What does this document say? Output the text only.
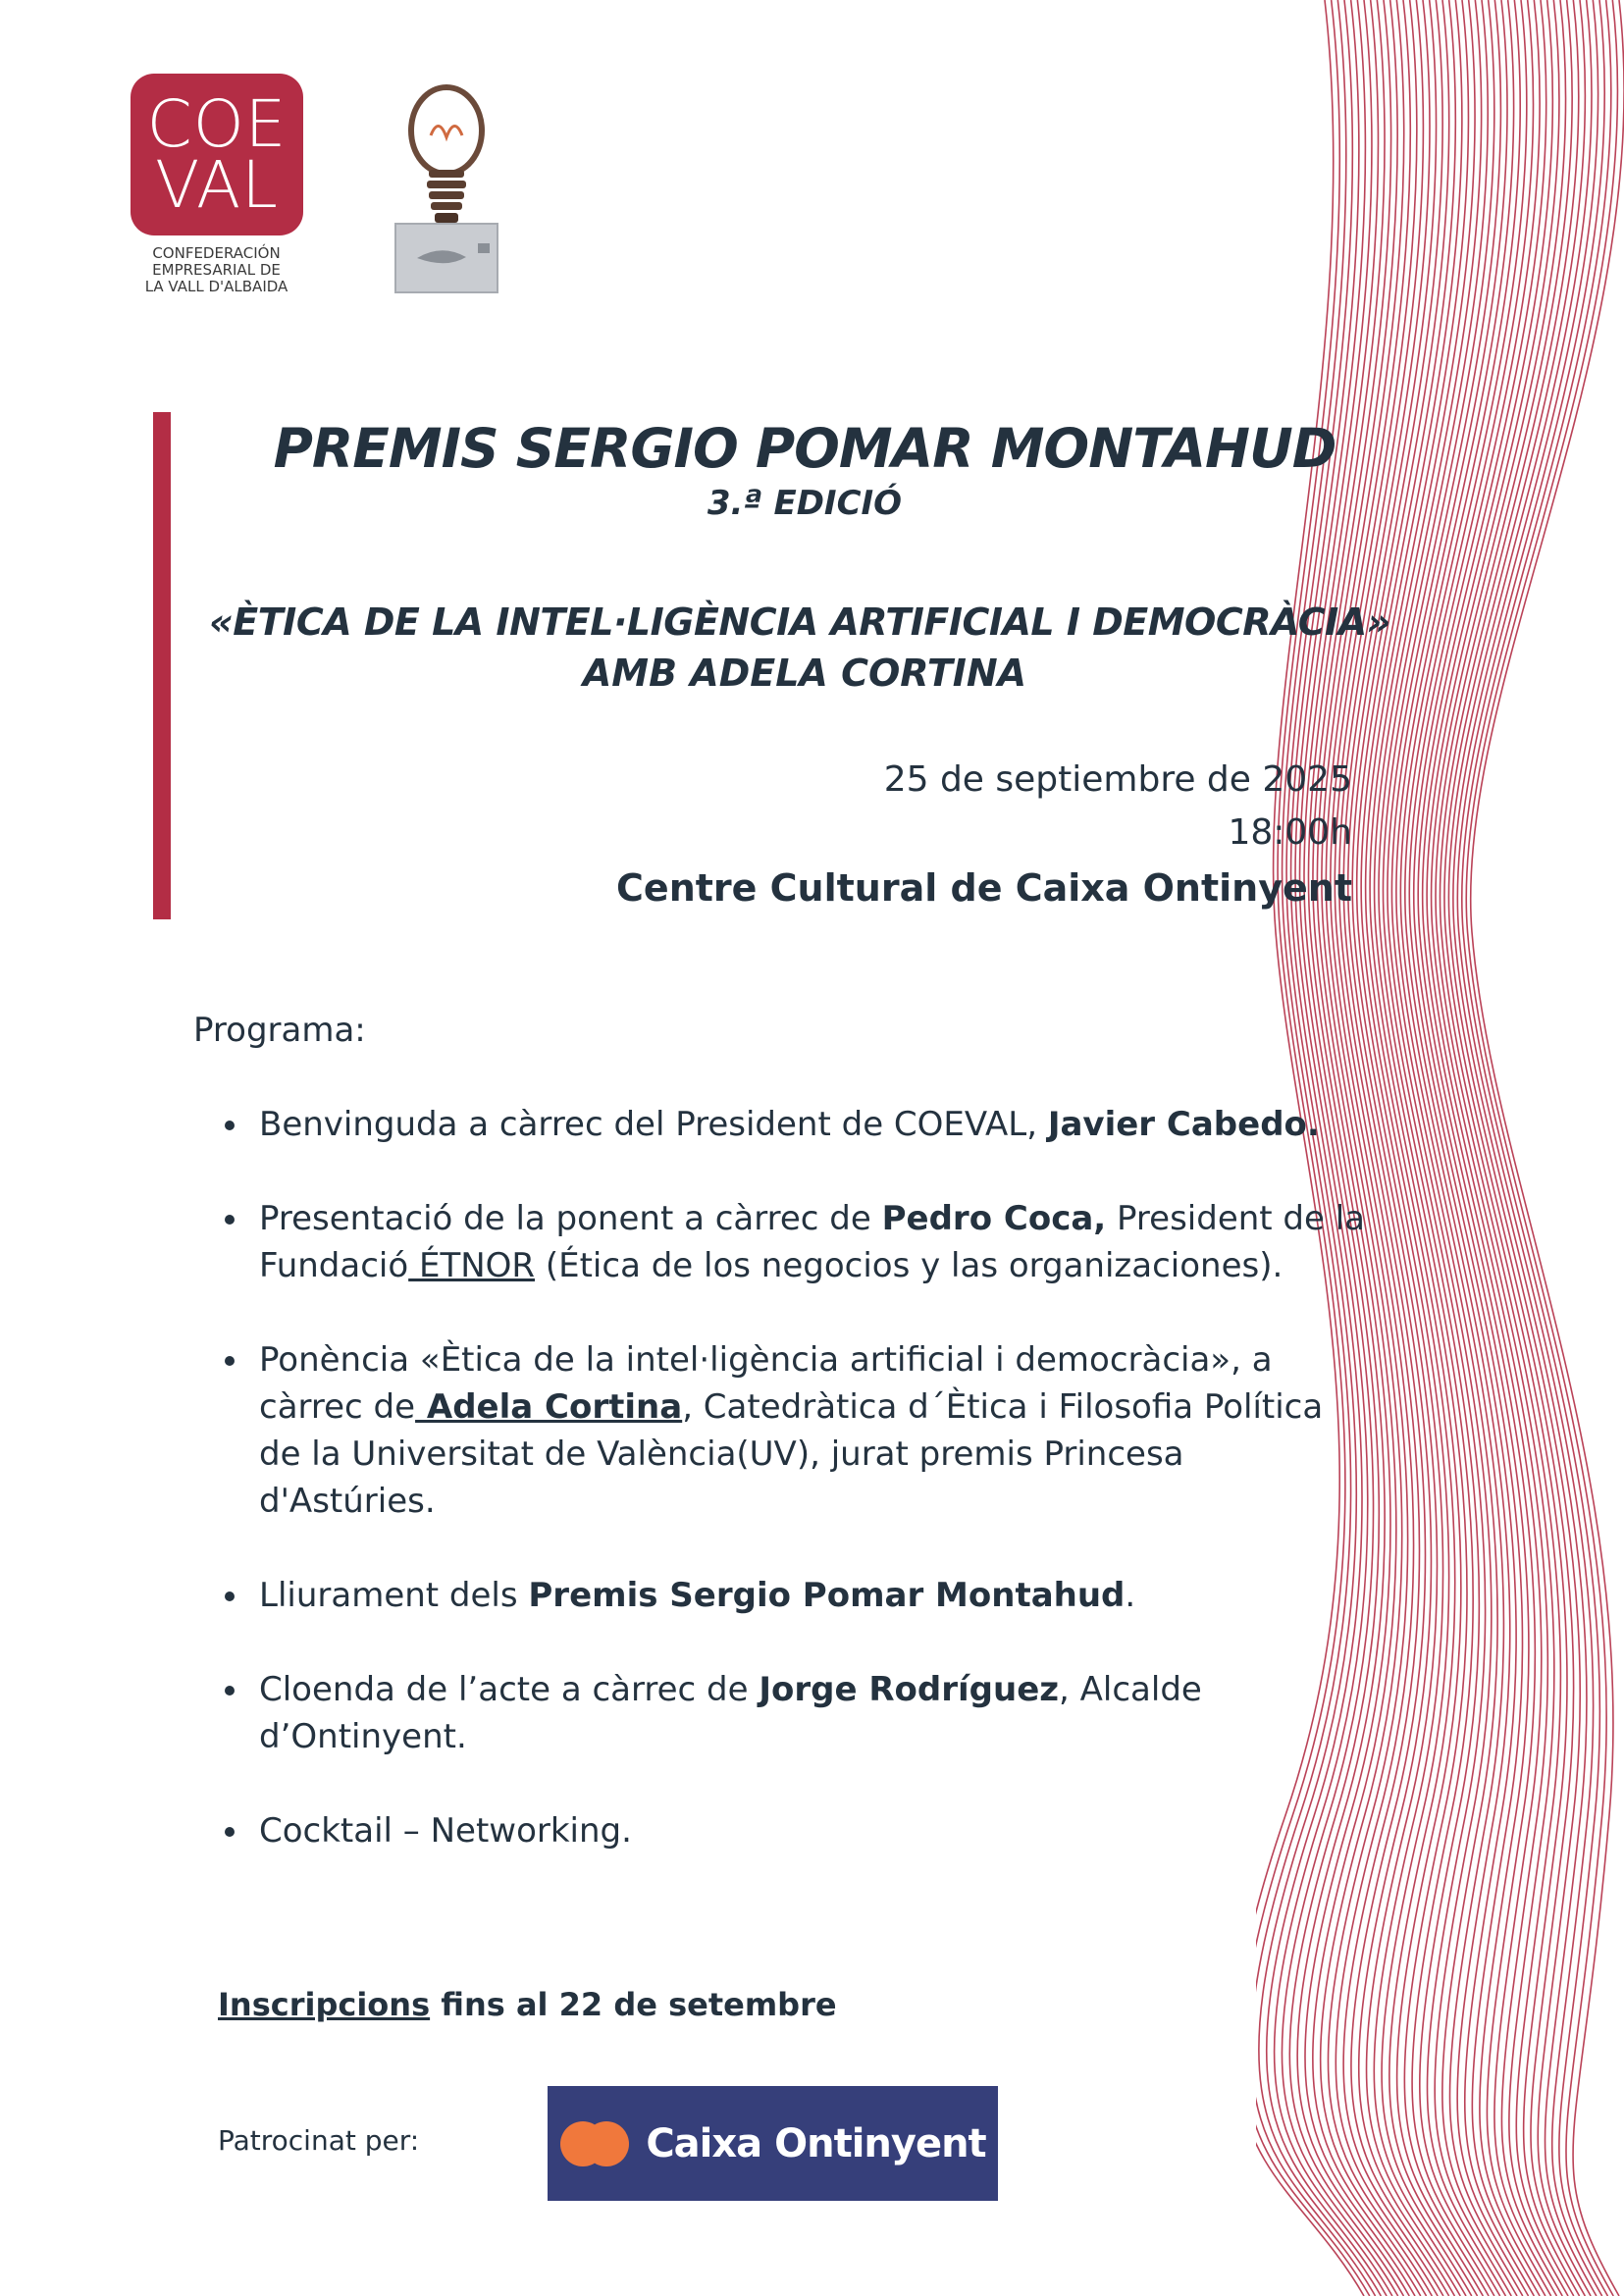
COE
VAL
CONFEDERACIÓN
EMPRESARIAL DE
LA VALL D'ALBAIDA
PREMIS SERGIO POMAR MONTAHUD
3.ª EDICIÓ
«ÈTICA DE LA INTEL·LIGÈNCIA ARTIFICIAL I DEMOCRÀCIA»
AMB ADELA CORTINA

25 de septiembre de 2025

18:00h

Centre Cultural de Caixa Ontinyent

Programa:

• Benvinguda a càrrec del President de COEVAL, Javier Cabedo.
• Presentació de la ponent a càrrec de Pedro Coca, President de la Fundació ÉTNOR (Ética de los negocios y las organizaciones).
• Ponència «Ètica de la intel·ligència artificial i democràcia», a càrrec de Adela Cortina, Catedràtica d´Ètica i Filosofia Política de la Universitat de València(UV), jurat premis Princesa d'Astúries.
• Lliurament dels Premis Sergio Pomar Montahud.
• Cloenda de l’acte a càrrec de Jorge Rodríguez, Alcalde d’Ontinyent.
• Cocktail – Networking.

Inscripcions fins al 22 de setembre

Patrocinat per:	Caixa Ontinyent
